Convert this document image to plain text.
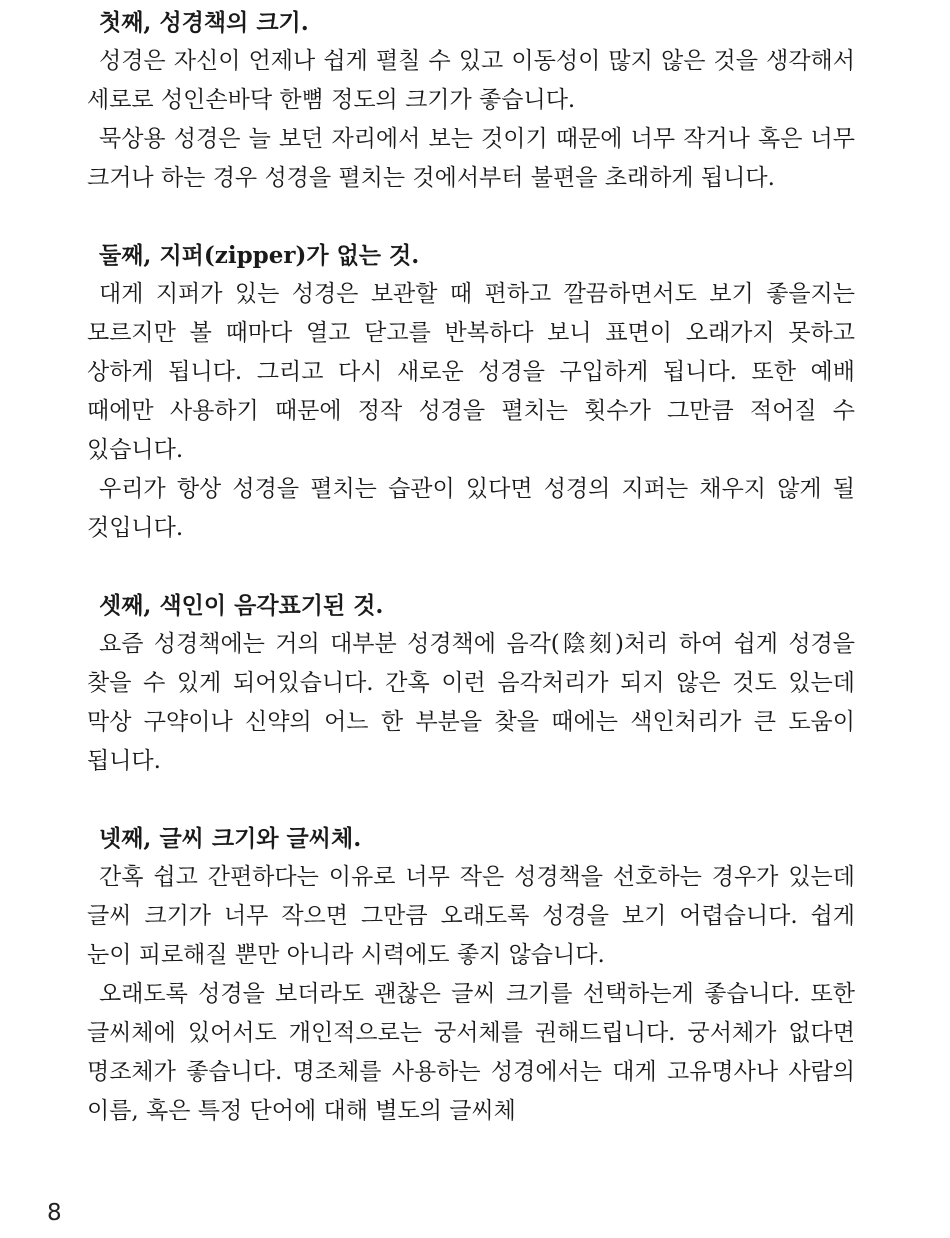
첫째, 성경책의 크기.

성경은 자신이 언제나 쉽게 펼칠 수 있고 이동성이 많지 않은 것을 생각해서 세로로 성인손바닥 한뼘 정도의 크기가 좋습니다.

묵상용 성경은 늘 보던 자리에서 보는 것이기 때문에 너무 작거나 혹은 너무 크거나 하는 경우 성경을 펼치는 것에서부터 불편을 초래하게 됩니다.

둘째, 지퍼(zipper)가 없는 것.

대게 지퍼가 있는 성경은 보관할 때 편하고 깔끔하면서도 보기 좋을지는 모르지만 볼 때마다 열고 닫고를 반복하다 보니 표면이 오래가지 못하고 상하게 됩니다. 그리고 다시 새로운 성경을 구입하게 됩니다. 또한 예배 때에만 사용하기 때문에 정작 성경을 펼치는 횟수가 그만큼 적어질 수 있습니다.

우리가 항상 성경을 펼치는 습관이 있다면 성경의 지퍼는 채우지 않게 될 것입니다.

셋째, 색인이 음각표기된 것.

요즘 성경책에는 거의 대부분 성경책에 음각(陰刻)처리 하여 쉽게 성경을 찾을 수 있게 되어있습니다. 간혹 이런 음각처리가 되지 않은 것도 있는데 막상 구약이나 신약의 어느 한 부분을 찾을 때에는 색인처리가 큰 도움이 됩니다.

넷째, 글씨 크기와 글씨체.

간혹 쉽고 간편하다는 이유로 너무 작은 성경책을 선호하는 경우가 있는데 글씨 크기가 너무 작으면 그만큼 오래도록 성경을 보기 어렵습니다. 쉽게 눈이 피로해질 뿐만 아니라 시력에도 좋지 않습니다.

오래도록 성경을 보더라도 괜찮은 글씨 크기를 선택하는게 좋습니다. 또한 글씨체에 있어서도 개인적으로는 궁서체를 권해드립니다. 궁서체가 없다면 명조체가 좋습니다. 명조체를 사용하는 성경에서는 대게 고유명사나 사람의 이름, 혹은 특정 단어에 대해 별도의 글씨체

8
